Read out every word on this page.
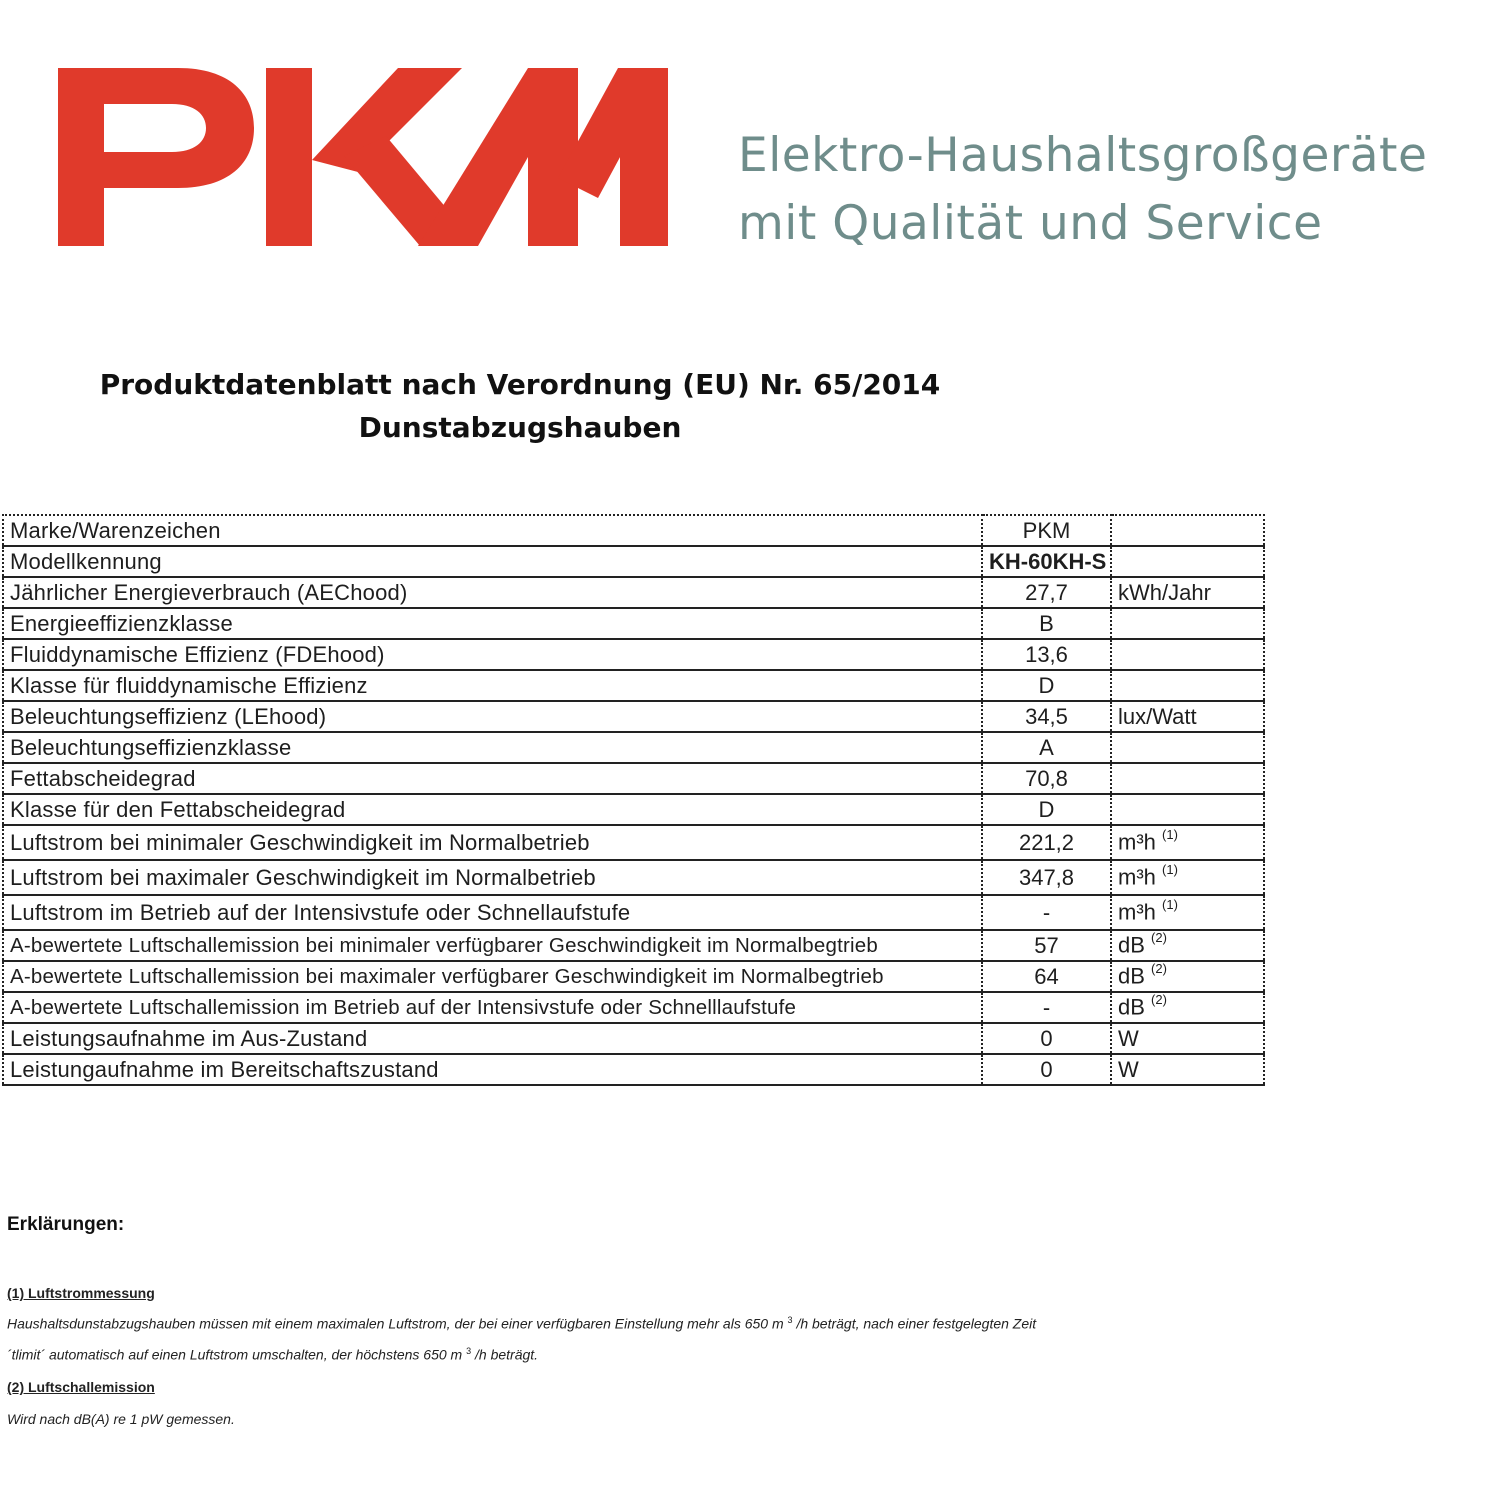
Elektro-Haushaltsgroßgeräte
mit Qualität und Service
Produktdatenblatt nach Verordnung (EU) Nr. 65/2014
Dunstabzugshauben
Marke/Warenzeichen	PKM	
Modellkennung	KH-60KH-S	
Jährlicher Energieverbrauch (AEChood)	27,7	kWh/Jahr
Energieeffizienzklasse	B	
Fluiddynamische Effizienz (FDEhood)	13,6	
Klasse für fluiddynamische Effizienz	D	
Beleuchtungseffizienz (LEhood)	34,5	lux/Watt
Beleuchtungseffizienzklasse	A	
Fettabscheidegrad	70,8	
Klasse für den Fettabscheidegrad	D	
Luftstrom bei minimaler Geschwindigkeit im Normalbetrieb	221,2	m³h $^{(1)}$
Luftstrom bei maximaler Geschwindigkeit im Normalbetrieb	347,8	m³h $^{(1)}$
Luftstrom im Betrieb auf der Intensivstufe oder Schnellaufstufe	-	m³h $^{(1)}$
A-bewertete Luftschallemission bei minimaler verfügbarer Geschwindigkeit im Normalbegtrieb	57	dB $^{(2)}$
A-bewertete Luftschallemission bei maximaler verfügbarer Geschwindigkeit im Normalbegtrieb	64	dB $^{(2)}$
A-bewertete Luftschallemission im Betrieb auf der Intensivstufe oder Schnelllaufstufe	-	dB $^{(2)}$
Leistungsaufnahme im Aus-Zustand	0	W
Leistungaufnahme im Bereitschaftszustand	0	W
Erklärungen:
(1) Luftstrommessung
Haushaltsdunstabzugshauben müssen mit einem maximalen Luftstrom, der bei einer verfügbaren Einstellung mehr als 650 m $^3$ /h beträgt, nach einer festgelegten Zeit
´tlimit´ automatisch auf einen Luftstrom umschalten, der höchstens 650 m $^3$ /h beträgt.
(2) Luftschallemission
Wird nach dB(A) re 1 pW gemessen.
